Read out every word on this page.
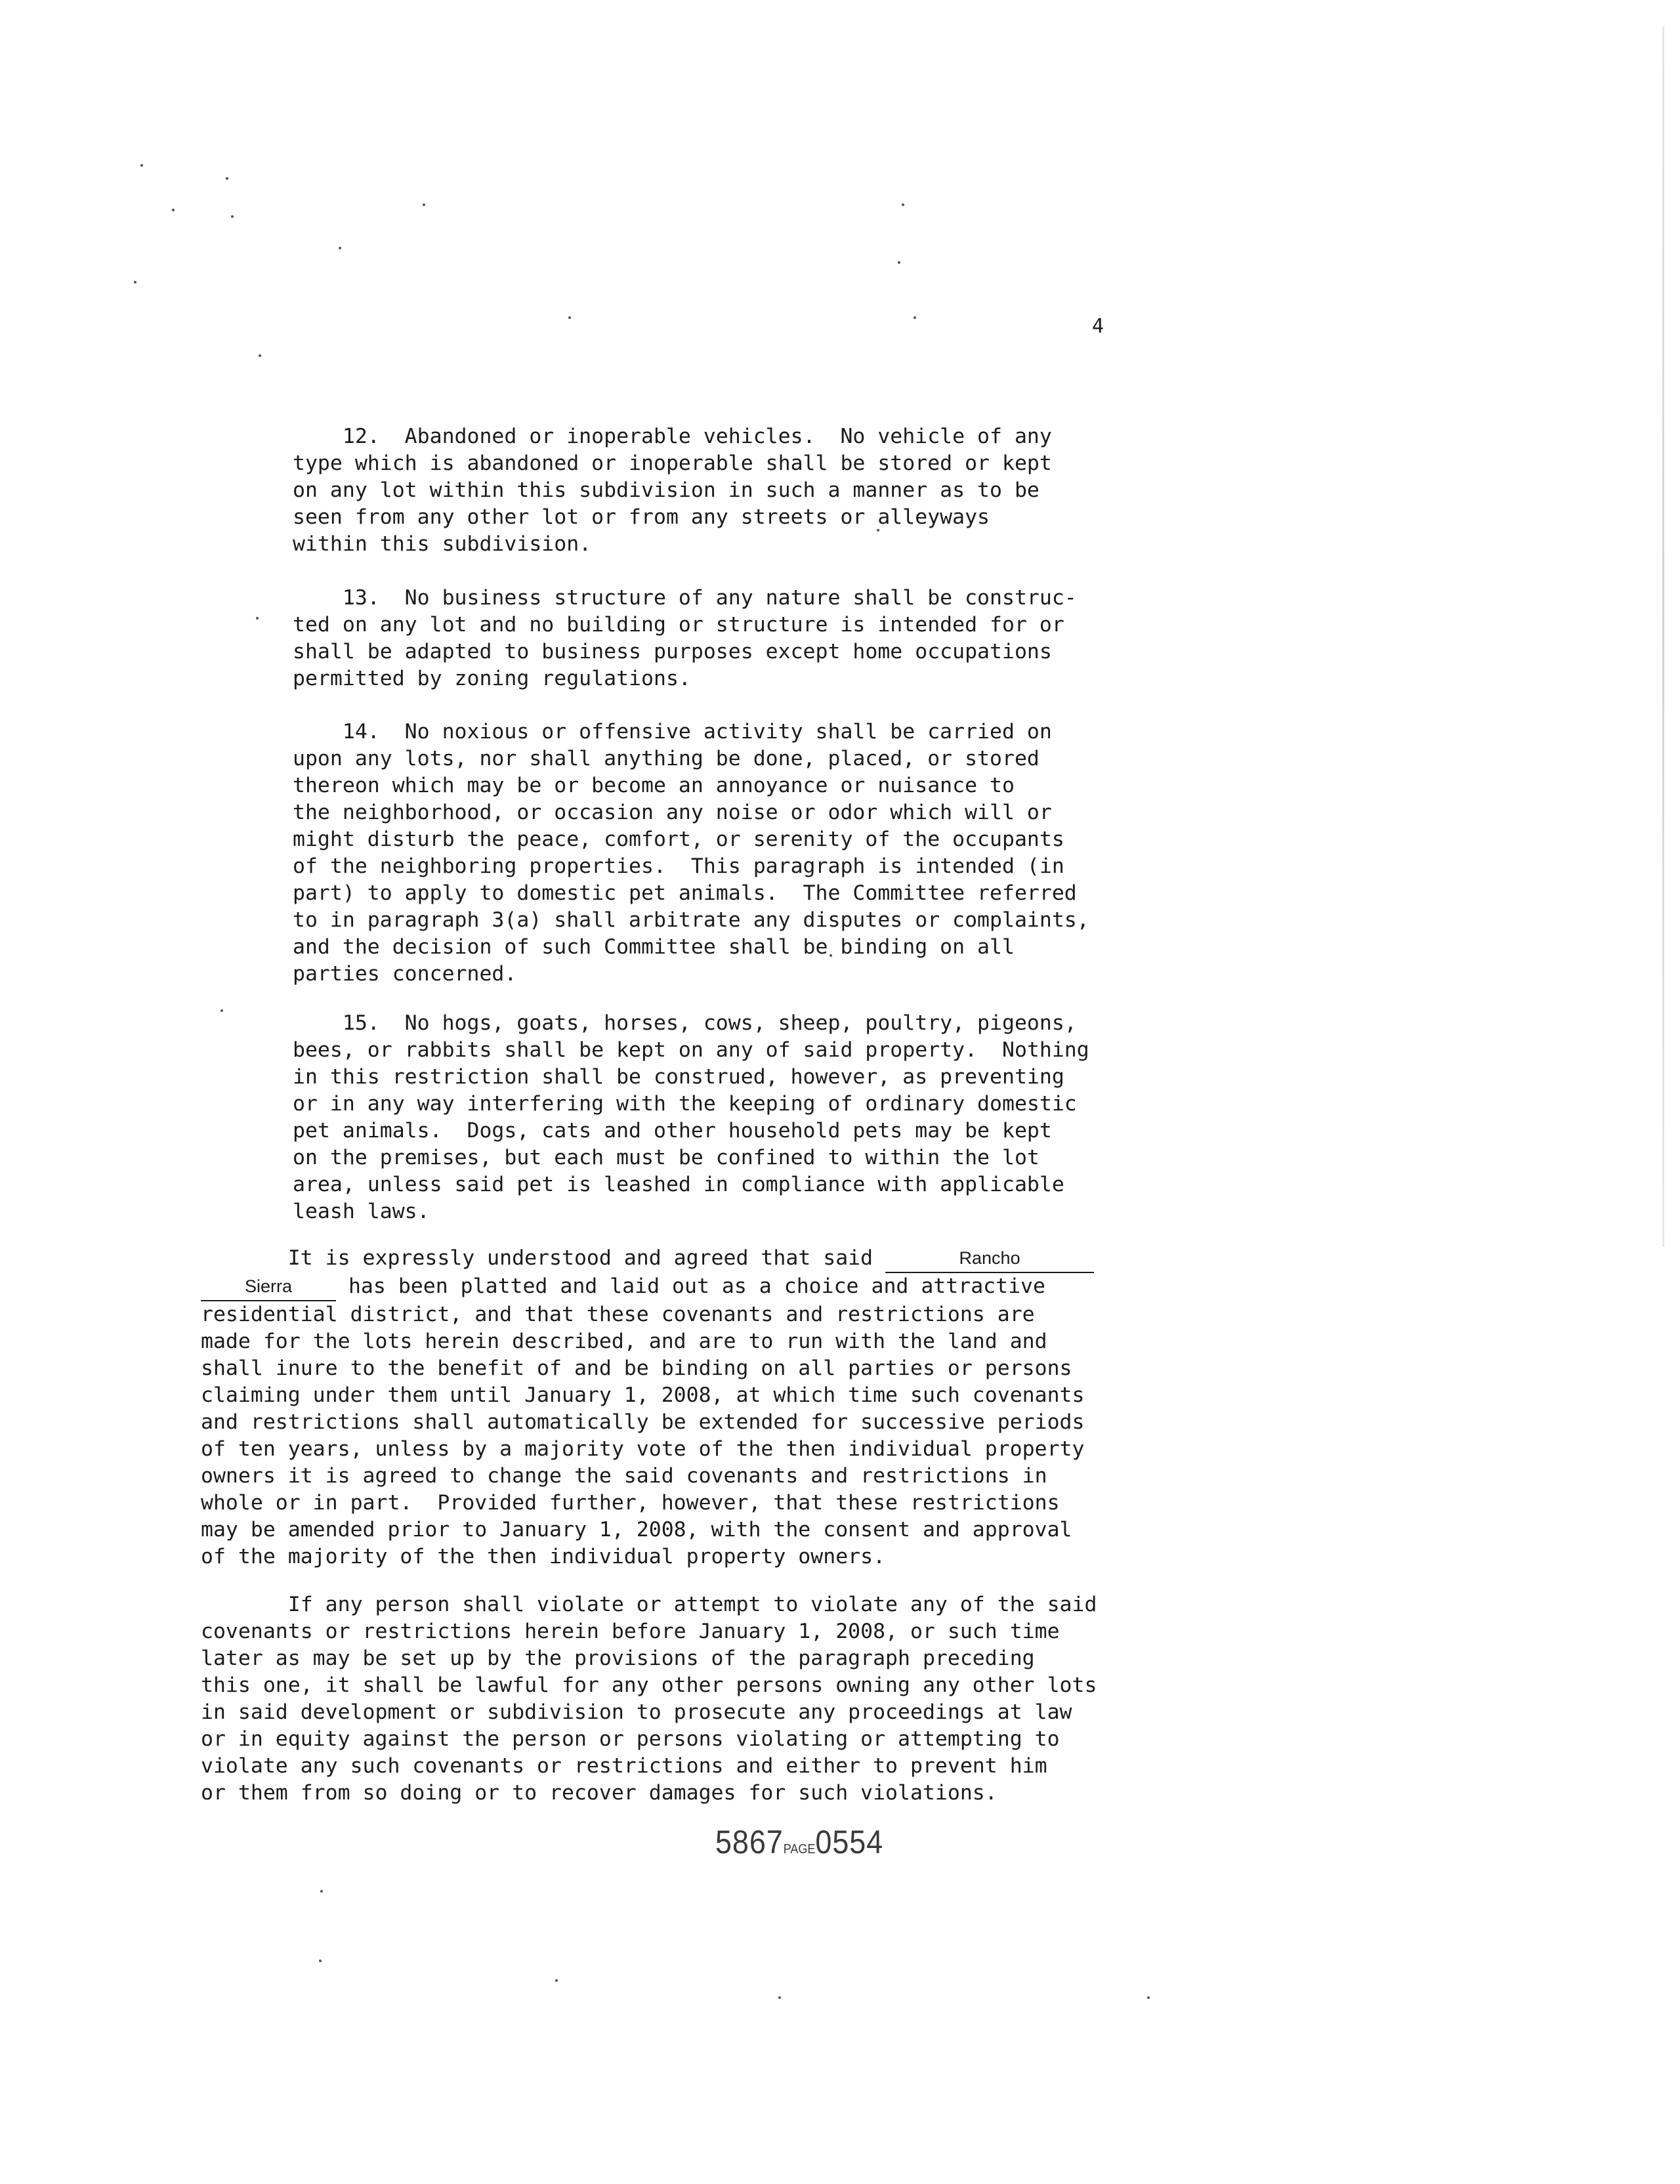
4

12.  Abandoned or inoperable vehicles.  No vehicle of any
type which is abandoned or inoperable shall be stored or kept
on any lot within this subdivision in such a manner as to be
seen from any other lot or from any streets or alleyways
within this subdivision.

13.  No business structure of any nature shall be construc-
ted on any lot and no building or structure is intended for or
shall be adapted to business purposes except home occupations
permitted by zoning regulations.

14.  No noxious or offensive activity shall be carried on
upon any lots, nor shall anything be done, placed, or stored
thereon which may be or become an annoyance or nuisance to
the neighborhood, or occasion any noise or odor which will or
might disturb the peace, comfort, or serenity of the occupants
of the neighboring properties.  This paragraph is intended (in
part) to apply to domestic pet animals.  The Committee referred
to in paragraph 3(a) shall arbitrate any disputes or complaints,
and the decision of such Committee shall be binding on all
parties concerned.

15.  No hogs, goats, horses, cows, sheep, poultry, pigeons,
bees, or rabbits shall be kept on any of said property.  Nothing
in this restriction shall be construed, however, as preventing
or in any way interfering with the keeping of ordinary domestic
pet animals.  Dogs, cats and other household pets may be kept
on the premises, but each must be confined to within the lot
area, unless said pet is leashed in compliance with applicable
leash laws.

It is expressly understood and agreed that said	Rancho

Sierra	has been platted and laid out as a choice and attractive
residential district, and that these covenants and restrictions are
made for the lots herein described, and are to run with the land and
shall inure to the benefit of and be binding on all parties or persons
claiming under them until January 1, 2008, at which time such covenants
and restrictions shall automatically be extended for successive periods
of ten years, unless by a majority vote of the then individual property
owners it is agreed to change the said covenants and restrictions in
whole or in part.  Provided further, however, that these restrictions
may be amended prior to January 1, 2008, with the consent and approval
of the majority of the then individual property owners.

If any person shall violate or attempt to violate any of the said
covenants or restrictions herein before January 1, 2008, or such time
later as may be set up by the provisions of the paragraph preceding
this one, it shall be lawful for any other persons owning any other lots
in said development or subdivision to prosecute any proceedings at law
or in equity against the person or persons violating or attempting to
violate any such covenants or restrictions and either to prevent him
or them from so doing or to recover damages for such violations.
5867PAGE0554
